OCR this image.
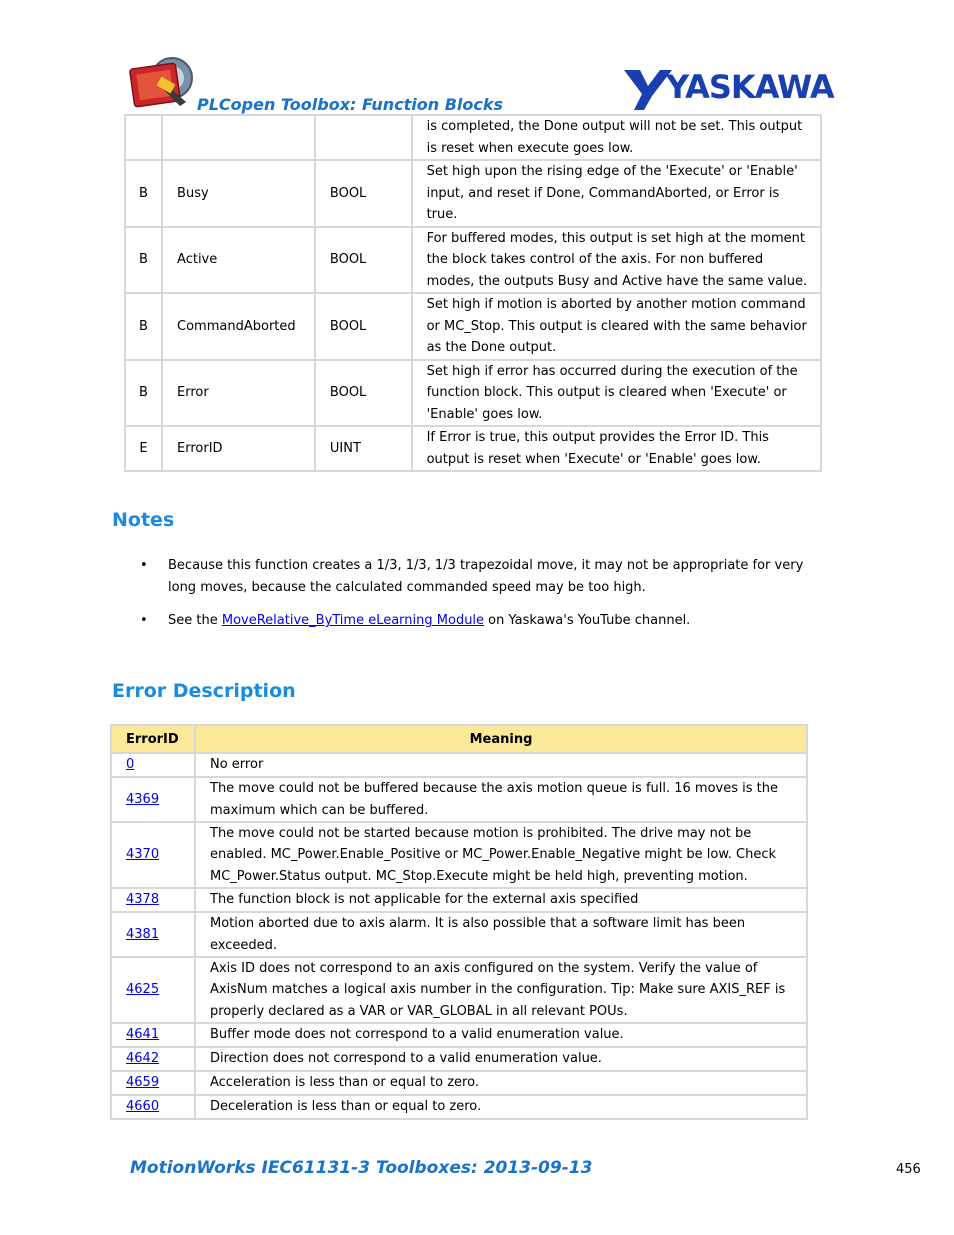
PLCopen Toolbox: Function Blocks	YASKAWA
			is completed, the Done output will not be set. This output is reset when execute goes low.
B	Busy	BOOL	Set high upon the rising edge of the 'Execute' or 'Enable' input, and reset if Done, CommandAborted, or Error is true.
B	Active	BOOL	For buffered modes, this output is set high at the moment the block takes control of the axis. For non buffered modes, the outputs Busy and Active have the same value.
B	CommandAborted	BOOL	Set high if motion is aborted by another motion command or MC_Stop. This output is cleared with the same behavior as the Done output.
B	Error	BOOL	Set high if error has occurred during the execution of the function block. This output is cleared when 'Execute' or 'Enable' goes low.
E	ErrorID	UINT	If Error is true, this output provides the Error ID. This output is reset when 'Execute' or 'Enable' goes low.
Notes
• Because this function creates a 1/3, 1/3, 1/3 trapezoidal move, it may not be appropriate for very long moves, because the calculated commanded speed may be too high.
• See the MoveRelative_ByTime eLearning Module on Yaskawa's YouTube channel.
Error Description
ErrorID	Meaning
0	No error
4369	The move could not be buffered because the axis motion queue is full. 16 moves is the maximum which can be buffered.
4370	The move could not be started because motion is prohibited. The drive may not be enabled. MC_Power.Enable_Positive or MC_Power.Enable_Negative might be low. Check MC_Power.Status output. MC_Stop.Execute might be held high, preventing motion.
4378	The function block is not applicable for the external axis specified
4381	Motion aborted due to axis alarm. It is also possible that a software limit has been exceeded.
4625	Axis ID does not correspond to an axis configured on the system. Verify the value of AxisNum matches a logical axis number in the configuration. Tip: Make sure AXIS_REF is properly declared as a VAR or VAR_GLOBAL in all relevant POUs.
4641	Buffer mode does not correspond to a valid enumeration value.
4642	Direction does not correspond to a valid enumeration value.
4659	Acceleration is less than or equal to zero.
4660	Deceleration is less than or equal to zero.
MotionWorks IEC61131-3 Toolboxes: 2013-09-13	456
